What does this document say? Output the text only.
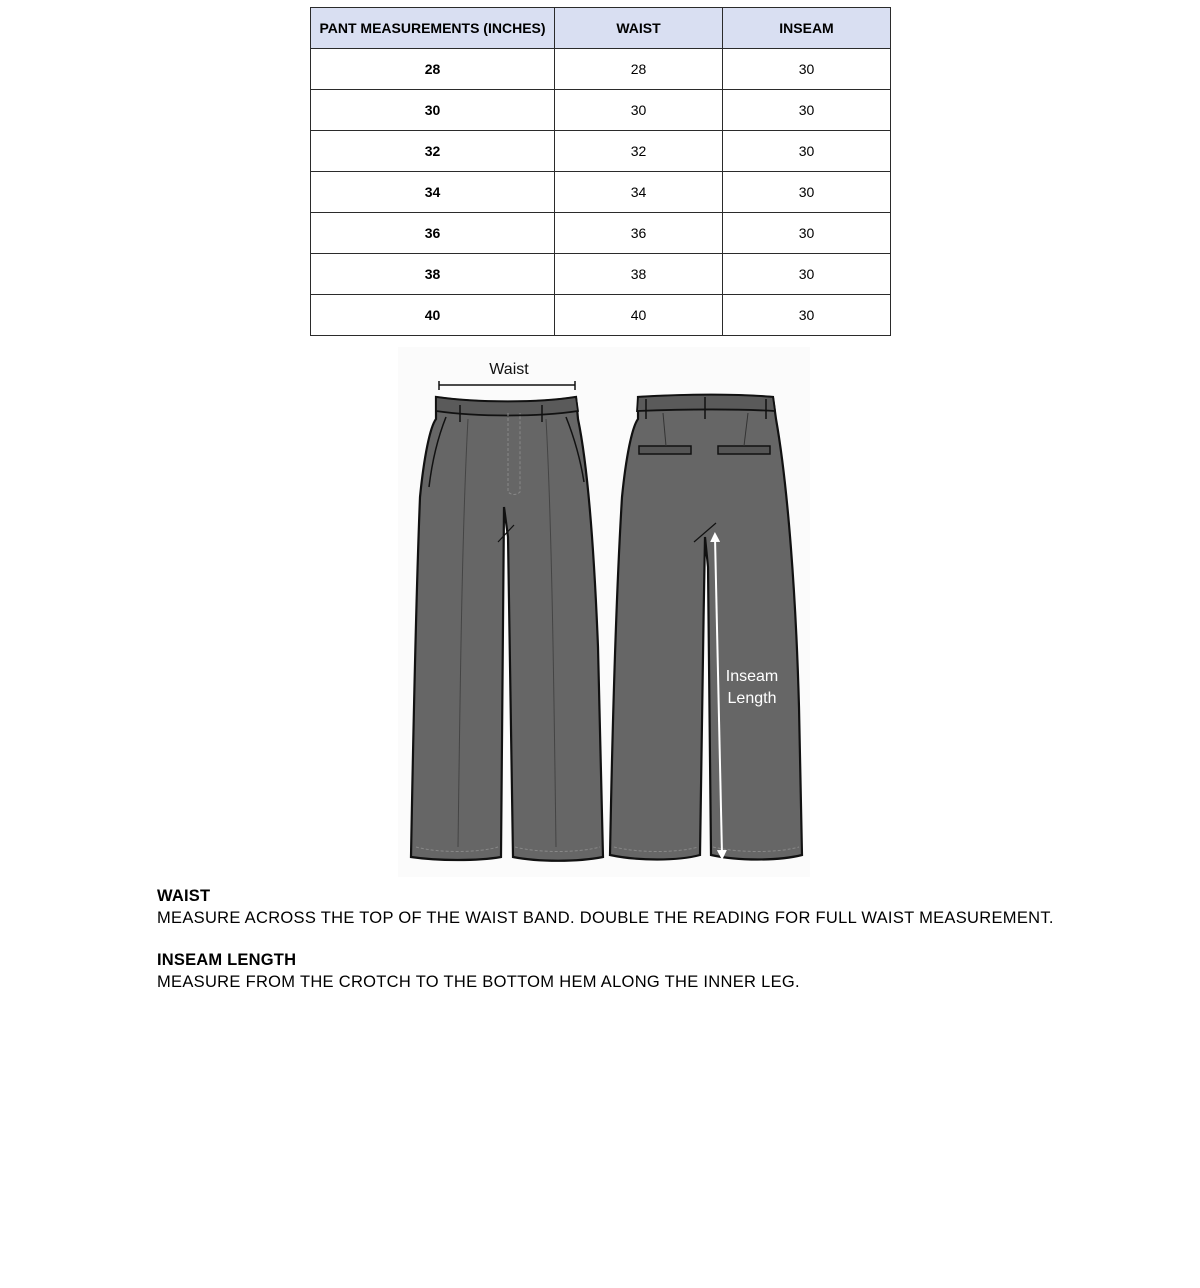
PANT MEASUREMENTS (INCHES)	WAIST	INSEAM
28	28	30
30	30	30
32	32	30
34	34	30
36	36	30
38	38	30
40	40	30
Waist
Inseam
Length

WAIST

MEASURE ACROSS THE TOP OF THE WAIST BAND. DOUBLE THE READING FOR FULL WAIST MEASUREMENT.

INSEAM LENGTH

MEASURE FROM THE CROTCH TO THE BOTTOM HEM ALONG THE INNER LEG.
